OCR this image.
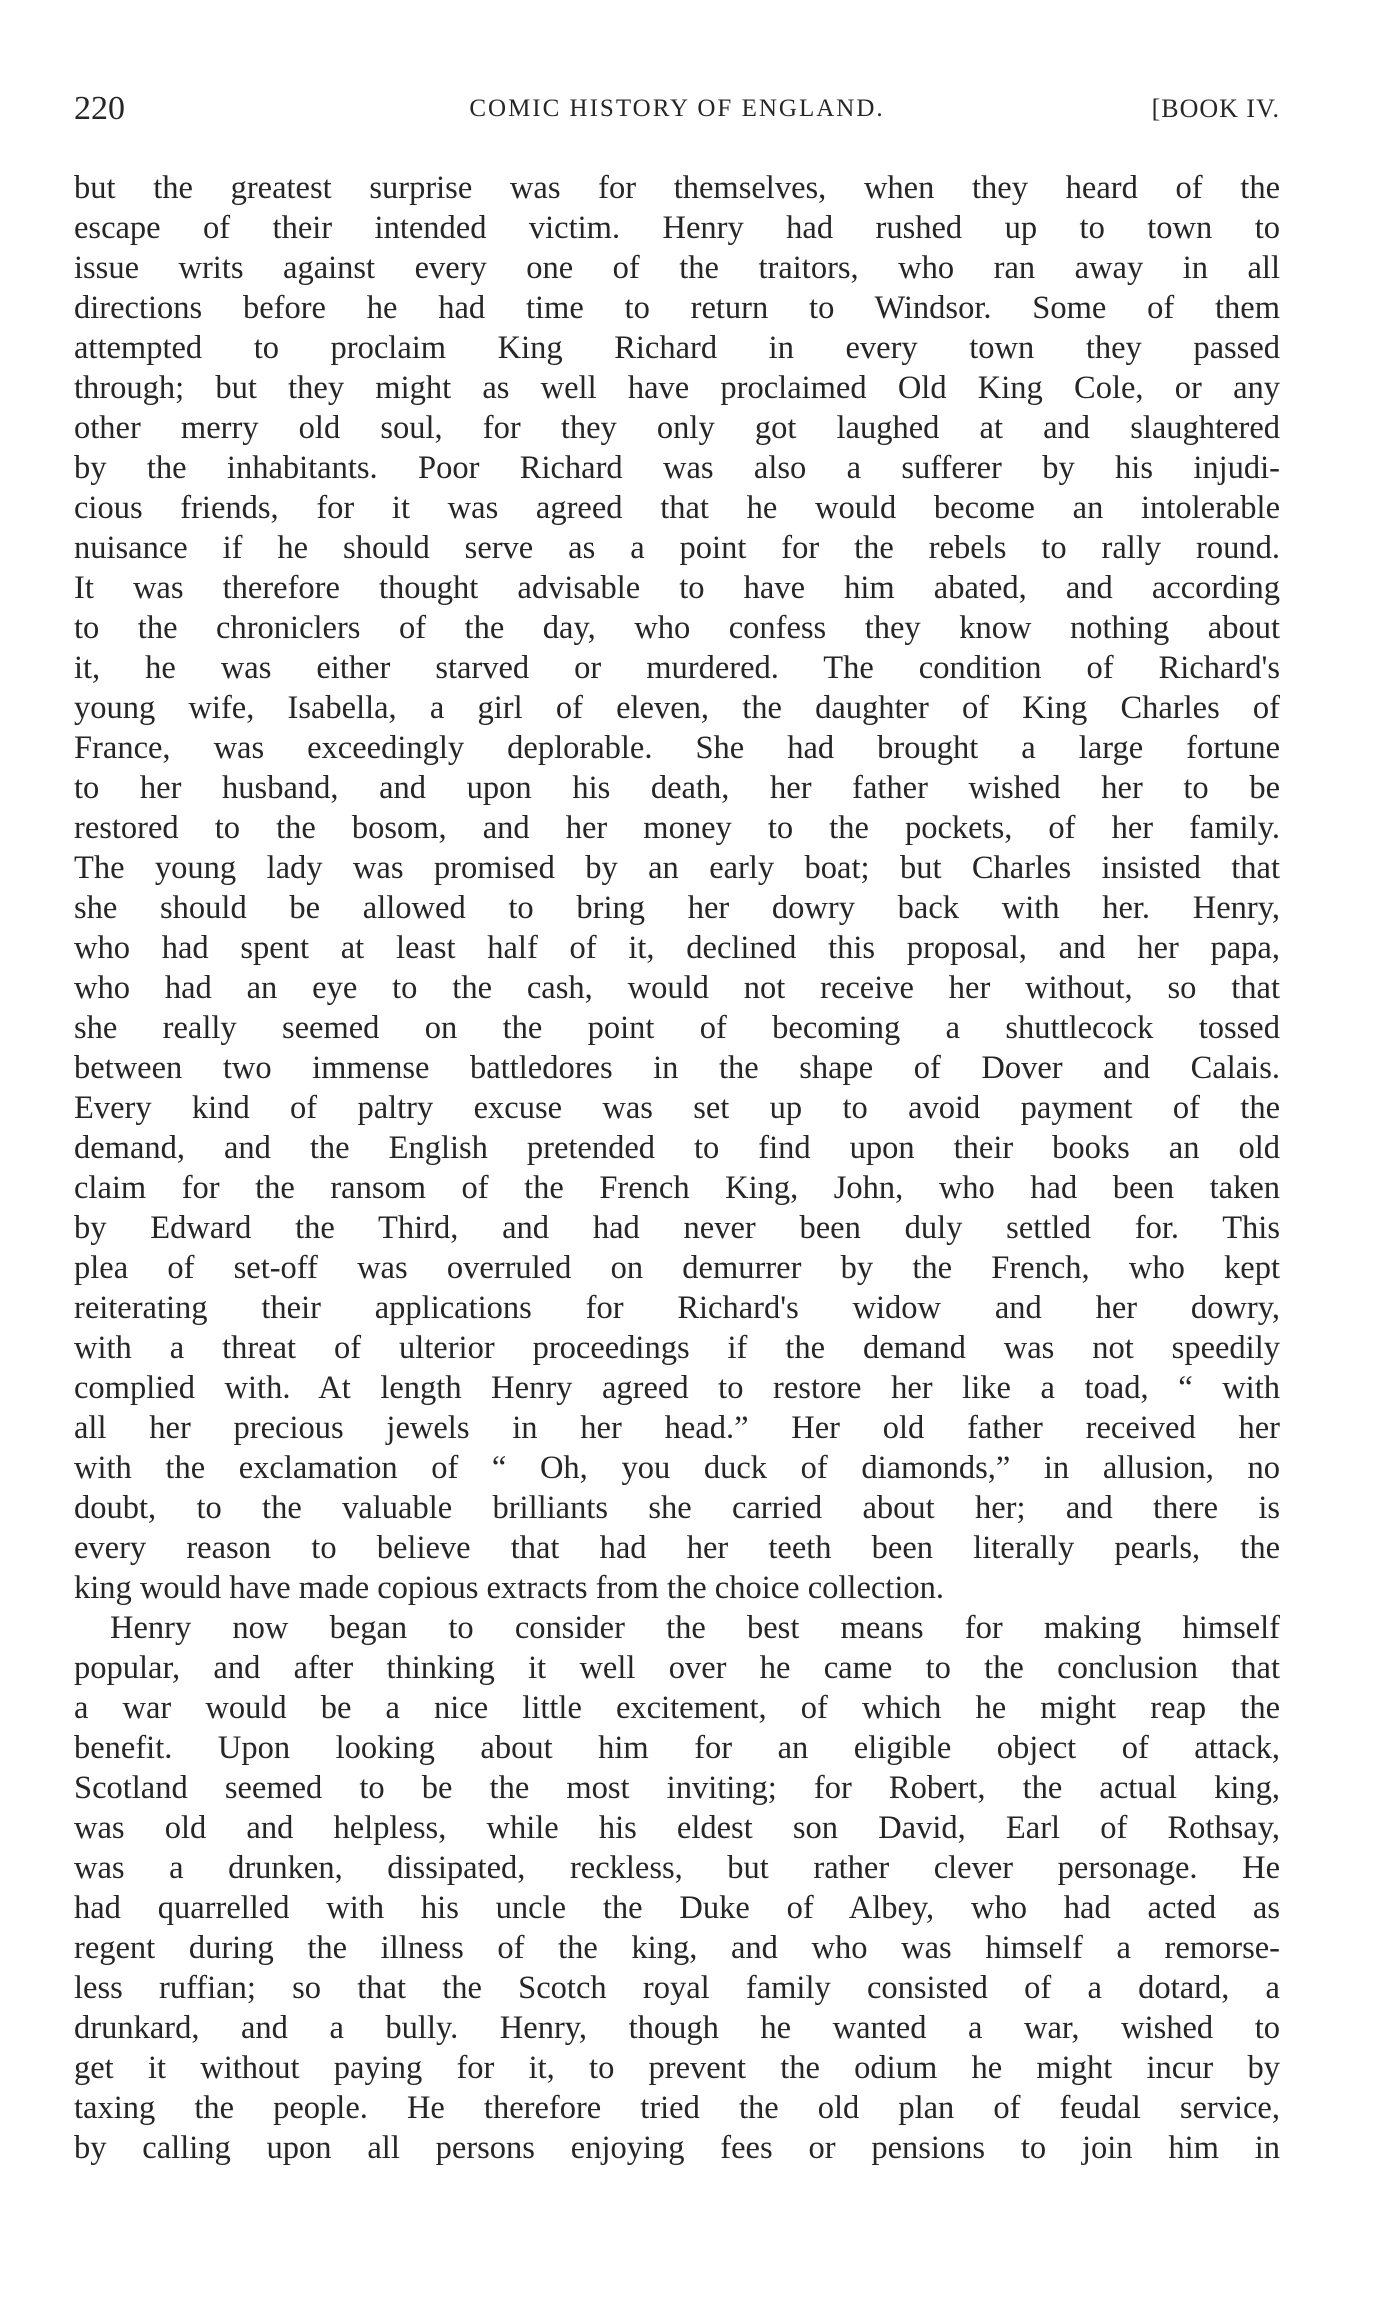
220	COMIC HISTORY OF ENGLAND.	[BOOK IV.
but the greatest surprise was for themselves, when they heard of the
escape of their intended victim. Henry had rushed up to town to
issue writs against every one of the traitors, who ran away in all
directions before he had time to return to Windsor. Some of them
attempted to proclaim King Richard in every town they passed
through; but they might as well have proclaimed Old King Cole, or any
other merry old soul, for they only got laughed at and slaughtered
by the inhabitants. Poor Richard was also a sufferer by his injudi-
cious friends, for it was agreed that he would become an intolerable
nuisance if he should serve as a point for the rebels to rally round.
It was therefore thought advisable to have him abated, and according
to the chroniclers of the day, who confess they know nothing about
it, he was either starved or murdered. The condition of Richard's
young wife, Isabella, a girl of eleven, the daughter of King Charles of
France, was exceedingly deplorable. She had brought a large fortune
to her husband, and upon his death, her father wished her to be
restored to the bosom, and her money to the pockets, of her family.
The young lady was promised by an early boat; but Charles insisted that
she should be allowed to bring her dowry back with her. Henry,
who had spent at least half of it, declined this proposal, and her papa,
who had an eye to the cash, would not receive her without, so that
she really seemed on the point of becoming a shuttlecock tossed
between two immense battledores in the shape of Dover and Calais.
Every kind of paltry excuse was set up to avoid payment of the
demand, and the English pretended to find upon their books an old
claim for the ransom of the French King, John, who had been taken
by Edward the Third, and had never been duly settled for. This
plea of set-off was overruled on demurrer by the French, who kept
reiterating their applications for Richard's widow and her dowry,
with a threat of ulterior proceedings if the demand was not speedily
complied with. At length Henry agreed to restore her like a toad, “ with
all her precious jewels in her head.” Her old father received her
with the exclamation of “ Oh, you duck of diamonds,” in allusion, no
doubt, to the valuable brilliants she carried about her; and there is
every reason to believe that had her teeth been literally pearls, the
king would have made copious extracts from the choice collection.
Henry now began to consider the best means for making himself
popular, and after thinking it well over he came to the conclusion that
a war would be a nice little excitement, of which he might reap the
benefit. Upon looking about him for an eligible object of attack,
Scotland seemed to be the most inviting; for Robert, the actual king,
was old and helpless, while his eldest son David, Earl of Rothsay,
was a drunken, dissipated, reckless, but rather clever personage. He
had quarrelled with his uncle the Duke of Albey, who had acted as
regent during the illness of the king, and who was himself a remorse-
less ruffian; so that the Scotch royal family consisted of a dotard, a
drunkard, and a bully. Henry, though he wanted a war, wished to
get it without paying for it, to prevent the odium he might incur by
taxing the people. He therefore tried the old plan of feudal service,
by calling upon all persons enjoying fees or pensions to join him in
